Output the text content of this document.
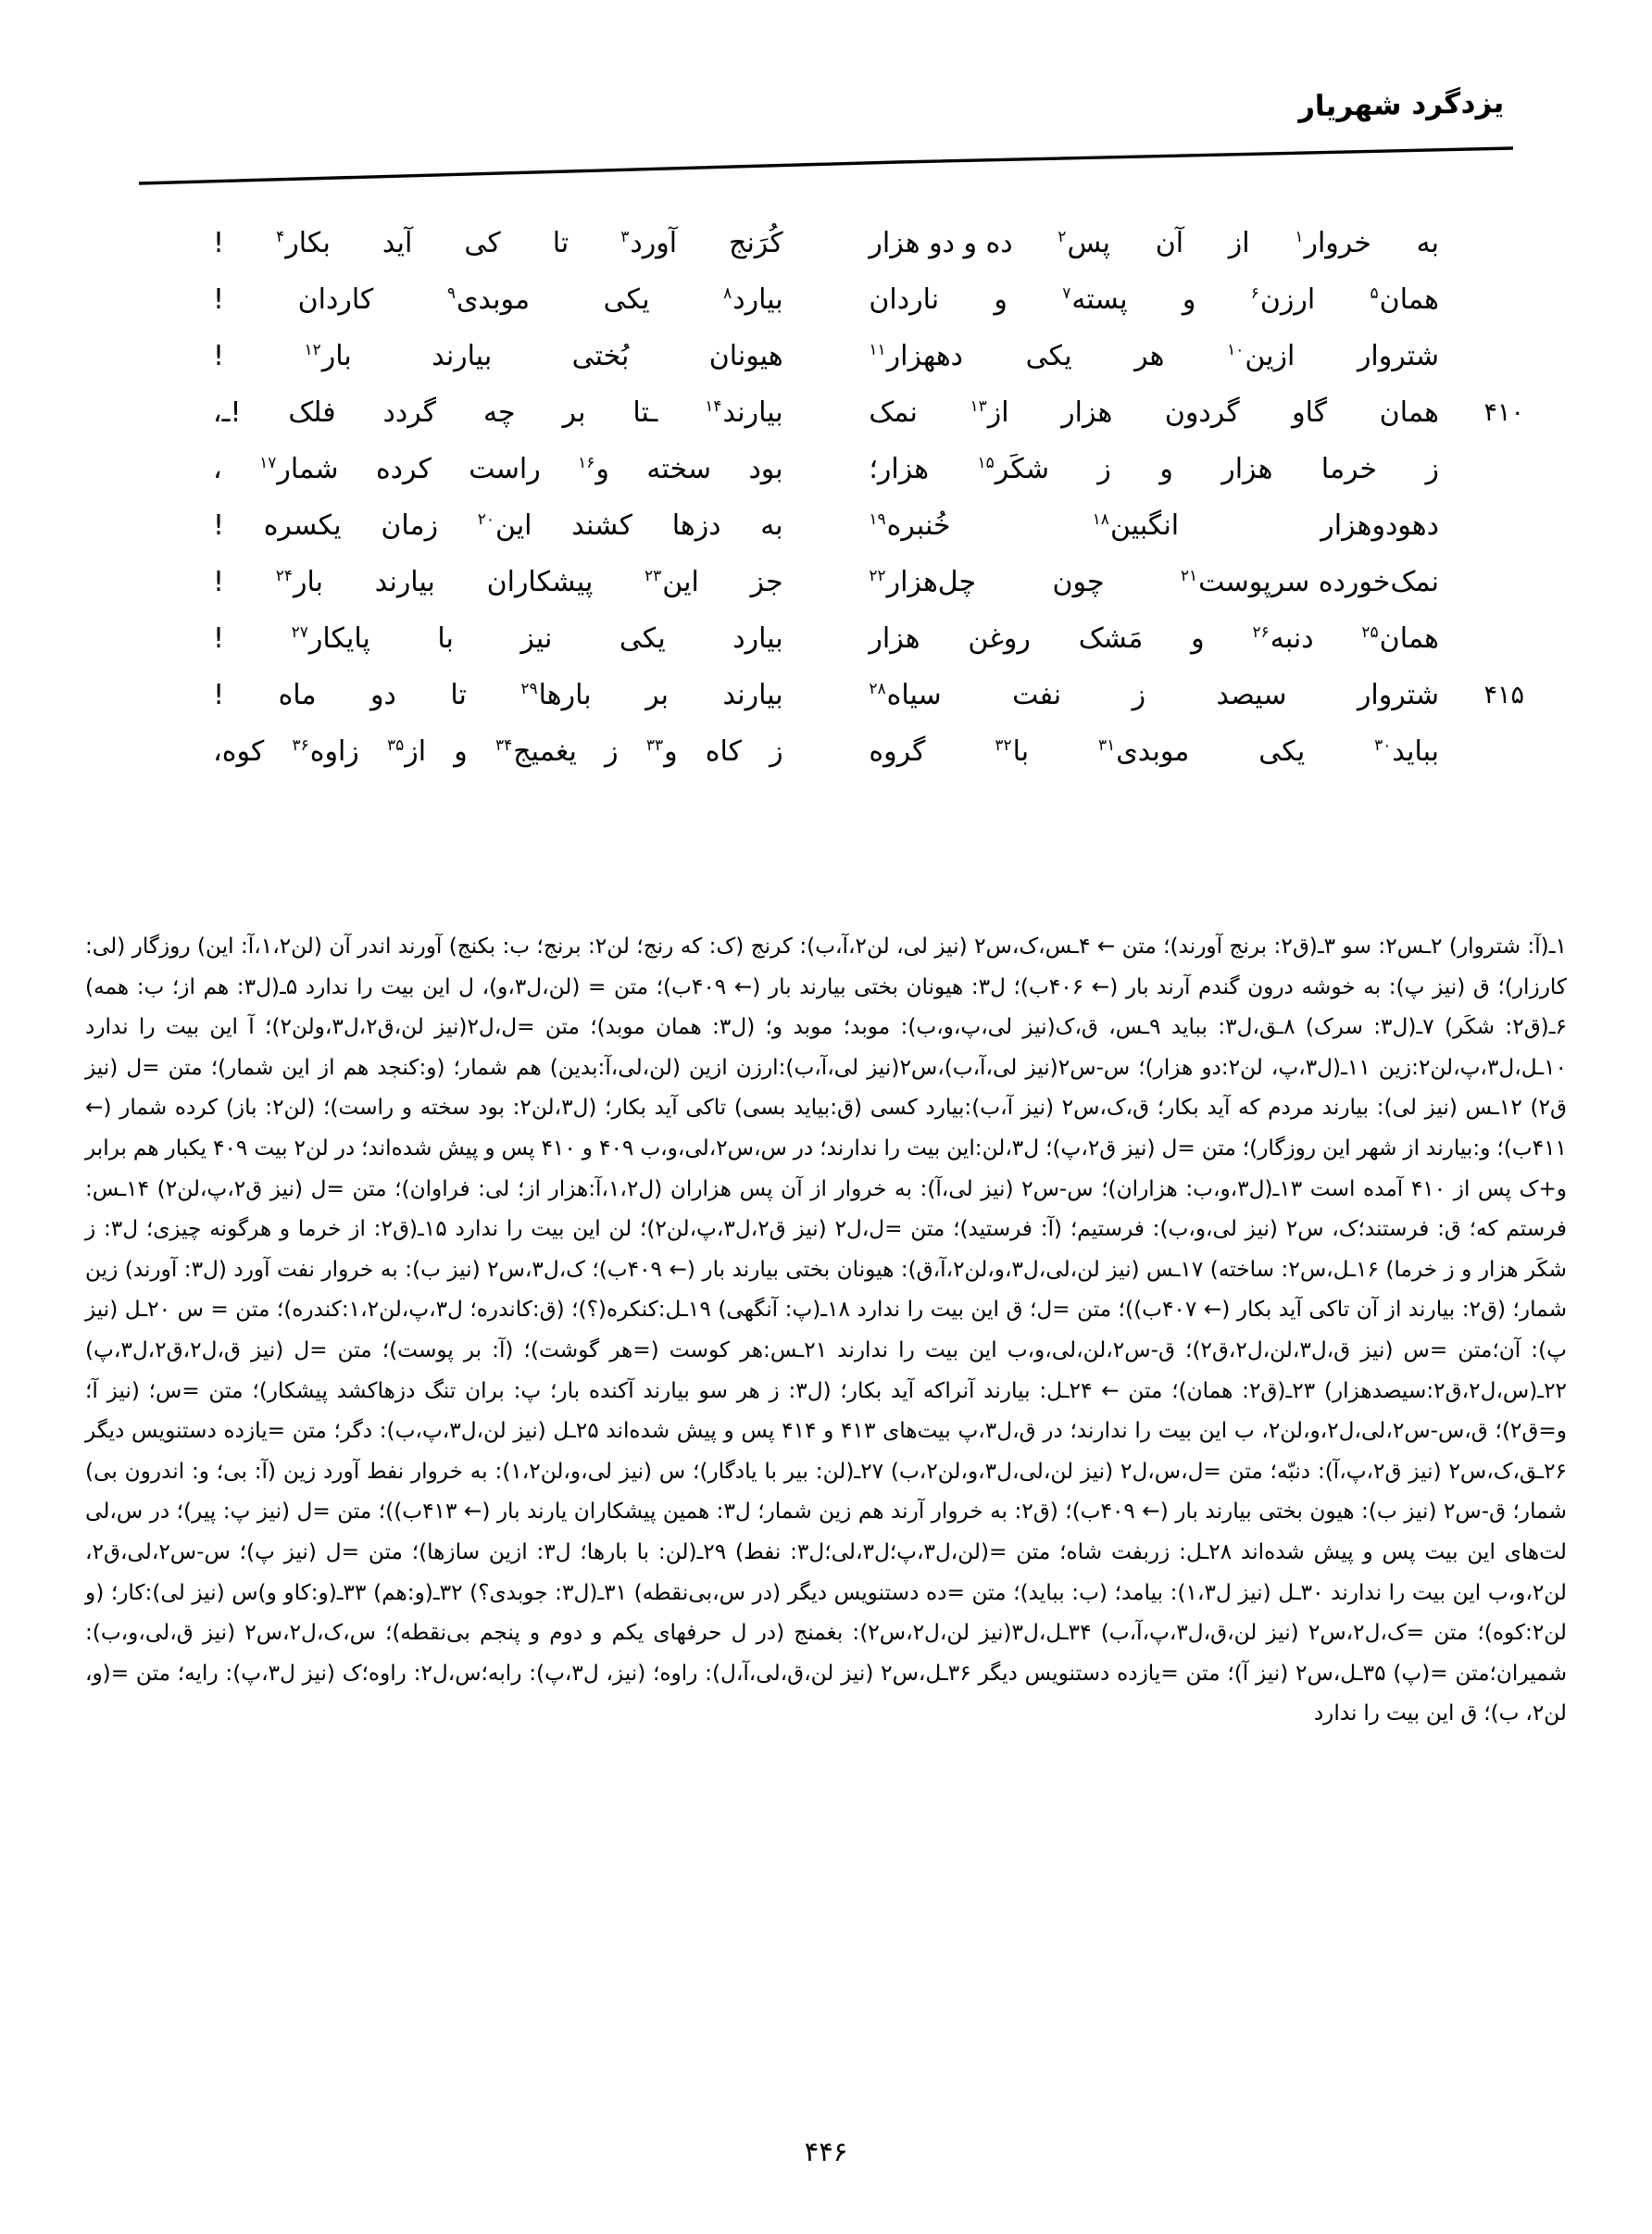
یزدگرد شهریار
به
خروار$^۱$
از
آن
پس$^۲$
ده و دو هزار
کُرَنج
آورد$^۳$
تا
کی
آید
بکار$^۴$
!
همان$^۵$
ارزن$^۶$
و
پسته$^۷$
و
ناردان
بیارد$^۸$
یکی
موبدی$^۹$
کاردان
!
شتروار
ازین$^{۱۰}$
هر
یکی
دههزار$^{۱۱}$
هیونان
بُختی
بیارند
بار$^{۱۲}$
!
همان
گاو
گردون
هزار
از$^{۱۳}$
نمک
بیارند$^{۱۴}$
ـتا
بر
چه
گردد
فلک
!ـ،	۴۱۰
ز
خرما
هزار
و
ز
شکَر$^{۱۵}$
هزار؛
بود
سخته
و$^{۱۶}$
راست
کرده
شمار$^{۱۷}$
،
دهودوهزار
انگبین$^{۱۸}$
خُنبره$^{۱۹}$
به
دزها
کشند
این$^{۲۰}$
زمان
یکسره
!
نمک‌خورده سرپوست$^{۲۱}$
چون
چل‌هزار$^{۲۲}$
جز
این$^{۲۳}$
پیشکاران
بیارند
بار$^{۲۴}$
!
همان$^{۲۵}$
دنبه$^{۲۶}$
و
مَشک
روغن
هزار
بیارد
یکی
نیز
با
پایکار$^{۲۷}$
!
شتروار
سیصد
ز
نفت
سیاه$^{۲۸}$
بیارند
بر
بارها$^{۲۹}$
تا
دو
ماه
!	۴۱۵
بباید$^{۳۰}$
یکی
موبدی$^{۳۱}$
با$^{۳۲}$
گروه
ز
کاه
و$^{۳۳}$
ز
یغمیج$^{۳۴}$
و
از$^{۳۵}$
زاوه$^{۳۶}$
کوه،

۱ـ(آ: شتروار) ۲ـس۲: سو ۳ـ(ق۲: برنج آورند)؛ متن ← ۴ـس،ک،س۲ (نیز لی، لن۲،آ،ب): کرنج (ک: که رنج؛ لن۲: برنج؛ ب: بکنج) آورند اندر آن (لن۱،۲،آ: این) روزگار (لی: کارزار)؛ ق (نیز پ): به خوشه درون گندم آرند بار (← ۴۰۶ب)؛ ل۳: هیونان بختی بیارند بار (← ۴۰۹ب)؛ متن = (لن،ل۳،و)، ل این بیت را ندارد ۵ـ(ل۳: هم از؛ ب: همه) ۶ـ(ق۲: شکَر) ۷ـ(ل۳: سرک) ۸ـق،ل۳: بباید ۹ـس، ق،ک(نیز لی،پ،و،ب): موبد؛ موبد و؛ (ل۳: همان موبد)؛ متن =ل،ل۲(نیز لن،ق۲،ل۳،ولن۲)؛ آ این بیت را ندارد ۱۰ـل،ل۳،پ،لن۲:زین ۱۱ـ(ل۳،پ، لن۲:دو هزار)؛ س-س۲(نیز لی،آ،ب)،س۲(نیز لی،آ،ب):ارزن ازین (لن،لی،آ:بدین) هم شمار؛ (و:کنجد هم از این شمار)؛ متن =ل (نیز ق۲) ۱۲ـس (نیز لی): بیارند مردم که آید بکار؛ ق،ک،س۲ (نیز آ،ب):بیارد کسی (ق:بیاید بسی) تاکی آید بکار؛ (ل۳،لن۲: بود سخته و راست)؛ (لن۲: باز) کرده شمار (← ۴۱۱ب)؛ و:بیارند از شهر این روزگار)؛ متن =ل (نیز ق۲،پ)؛ ل۳،لن:این بیت را ندارند؛ در س،س۲،لی،و،ب ۴۰۹ و ۴۱۰ پس و پیش شده‌اند؛ در لن۲ بیت ۴۰۹ یکبار هم برابر و+ک پس از ۴۱۰ آمده است ۱۳ـ(ل۳،و،ب: هزاران)؛ س-س۲ (نیز لی،آ): به خروار از آن پس هزاران (ل۱،۲،آ:هزار از؛ لی: فراوان)؛ متن =ل (نیز ق۲،پ،لن۲) ۱۴ـس: فرستم که؛ ق: فرستند؛ک، س۲ (نیز لی،و،ب): فرستیم؛ (آ: فرستید)؛ متن =ل،ل۲ (نیز ق۲،ل۳،پ،لن۲)؛ لن این بیت را ندارد ۱۵ـ(ق۲: از خرما و هرگونه چیزی؛ ل۳: ز شکَر هزار و ز خرما) ۱۶ـل،س۲: ساخته) ۱۷ـس (نیز لن،لی،ل۳،و،لن۲،آ،ق): هیونان بختی بیارند بار (← ۴۰۹ب)؛ ک،ل۳،س۲ (نیز ب): به خروار نفت آورد (ل۳: آورند) زین شمار؛ (ق۲: بیارند از آن تاکی آید بکار (← ۴۰۷ب))؛ متن =ل؛ ق این بیت را ندارد ۱۸ـ(پ: آنگهی) ۱۹ـل:کنکره(؟)؛ (ق:کاندره؛ ل۳،پ،لن۱،۲:کندره)؛ متن = س ۲۰ـل (نیز پ): آن؛متن =س (نیز ق،ل۳،لن،ل۲،ق۲)؛ ق-س۲،لن،لی،و،ب این بیت را ندارند ۲۱ـس:هر کوست (=هر گوشت)؛ (آ: بر پوست)؛ متن =ل (نیز ق،ل۲،ق۲،ل۳،پ) ۲۲ـ(س،ل۲،ق۲:سیصدهزار) ۲۳ـ(ق۲: همان)؛ متن ← ۲۴ـل: بیارند آنراکه آید بکار؛ (ل۳: ز هر سو بیارند آکنده بار؛ پ: بران تنگ دزهاکشد پیشکار)؛ متن =س؛ (نیز آ؛ و=ق۲)؛ ق،س-س۲،لی،ل۲،و،لن۲، ب این بیت را ندارند؛ در ق،ل۳،پ بیت‌های ۴۱۳ و ۴۱۴ پس و پیش شده‌اند ۲۵ـل (نیز لن،ل۳،پ،ب): دگر؛ متن =یازده دستنویس دیگر ۲۶ـق،ک،س۲ (نیز ق۲،پ،آ): دنبّه؛ متن =ل،س،ل۲ (نیز لن،لی،ل۳،و،لن۲،ب) ۲۷ـ(لن: بیر با یادگار)؛ س (نیز لی،و،لن۱،۲): به خروار نفط آورد زین (آ: بی؛ و: اندرون بی) شمار؛ ق-س۲ (نیز ب): هیون بختی بیارند بار (← ۴۰۹ب)؛ (ق۲: به خروار آرند هم زین شمار؛ ل۳: همین پیشکاران یارند بار (← ۴۱۳ب))؛ متن =ل (نیز پ: پیر)؛ در س،لی لت‌های این بیت پس و پیش شده‌اند ۲۸ـل: زربفت شاه؛ متن =(لن،ل۳،پ؛ل۳،لی؛ل۳: نفط) ۲۹ـ(لن: با بارها؛ ل۳: ازین سازها)؛ متن =ل (نیز پ)؛ س-س۲،لی،ق۲، لن۲،و،ب این بیت را ندارند ۳۰ـل (نیز ل۱،۳): بیامد؛ (ب: بباید)؛ متن =ده دستنویس دیگر (در س،بی‌نقطه) ۳۱ـ(ل۳: جوبدی؟) ۳۲ـ(و:هم) ۳۳ـ(و:کاو و)س (نیز لی):کار؛ (و لن۲:کوه)؛ متن =ک،ل۲،س۲ (نیز لن،ق،ل۳،پ،آ،ب) ۳۴ـل،ل۳(نیز لن،ل۲،س۲): بغمنج (در ل حرفهای یکم و دوم و پنجم بی‌نقطه)؛ س،ک،ل۲،س۲ (نیز ق،لی،و،ب): شمیران؛متن =(پ) ۳۵ـل،س۲ (نیز آ)؛ متن =یازده دستنویس دیگر ۳۶ـل،س۲ (نیز لن،ق،لی،آ،ل): راوه؛ (نیز، ل۳،پ): رابه؛س،ل۲: راوه؛ک (نیز ل۳،پ): رایه؛ متن =(و، لن۲، ب)؛ ق این بیت را ندارد

۴۴۶
